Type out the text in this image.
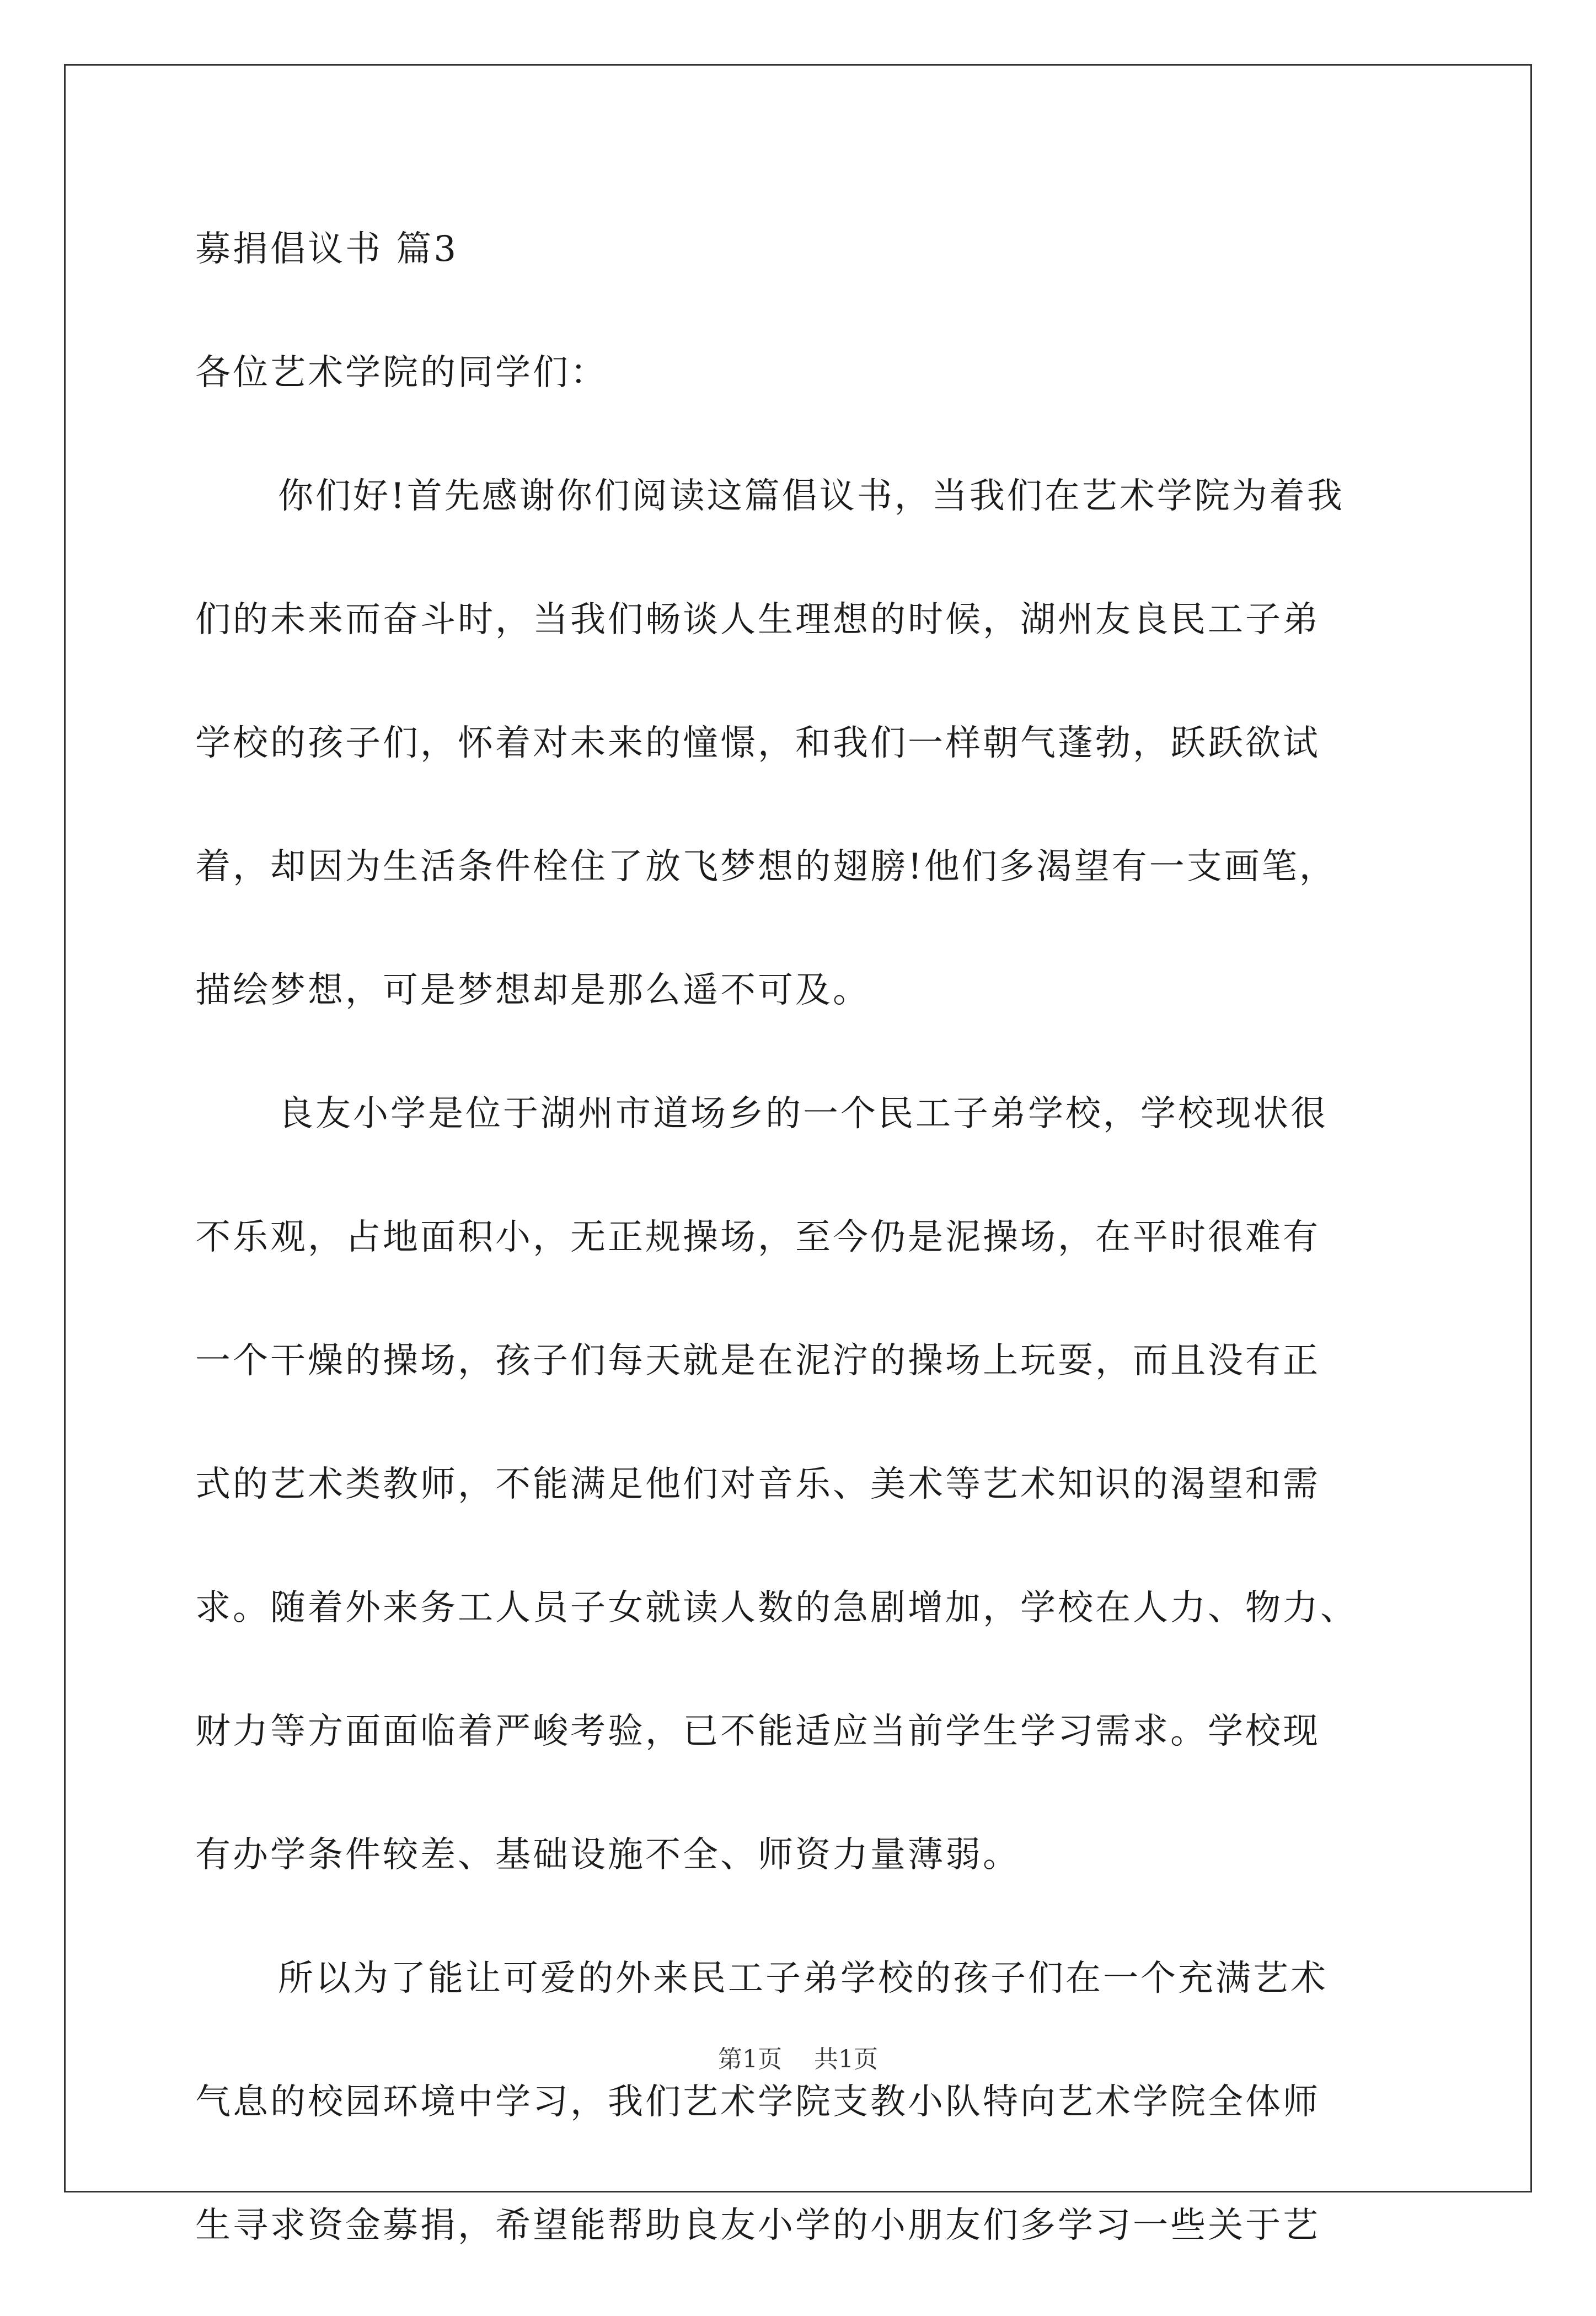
募捐倡议书 篇3
各位艺术学院的同学们：
你们好!首先感谢你们阅读这篇倡议书，当我们在艺术学院为着我
们的未来而奋斗时，当我们畅谈人生理想的时候，湖州友良民工子弟
学校的孩子们，怀着对未来的憧憬，和我们一样朝气蓬勃，跃跃欲试
着，却因为生活条件栓住了放飞梦想的翅膀!他们多渴望有一支画笔，
描绘梦想，可是梦想却是那么遥不可及。
良友小学是位于湖州市道场乡的一个民工子弟学校，学校现状很
不乐观，占地面积小，无正规操场，至今仍是泥操场，在平时很难有
一个干燥的操场，孩子们每天就是在泥泞的操场上玩耍，而且没有正
式的艺术类教师，不能满足他们对音乐、美术等艺术知识的渴望和需
求。随着外来务工人员子女就读人数的急剧增加，学校在人力、物力、
财力等方面面临着严峻考验，已不能适应当前学生学习需求。学校现
有办学条件较差、基础设施不全、师资力量薄弱。
所以为了能让可爱的外来民工子弟学校的孩子们在一个充满艺术
气息的校园环境中学习，我们艺术学院支教小队特向艺术学院全体师
生寻求资金募捐，希望能帮助良友小学的小朋友们多学习一些关于艺
第1页 共1页
